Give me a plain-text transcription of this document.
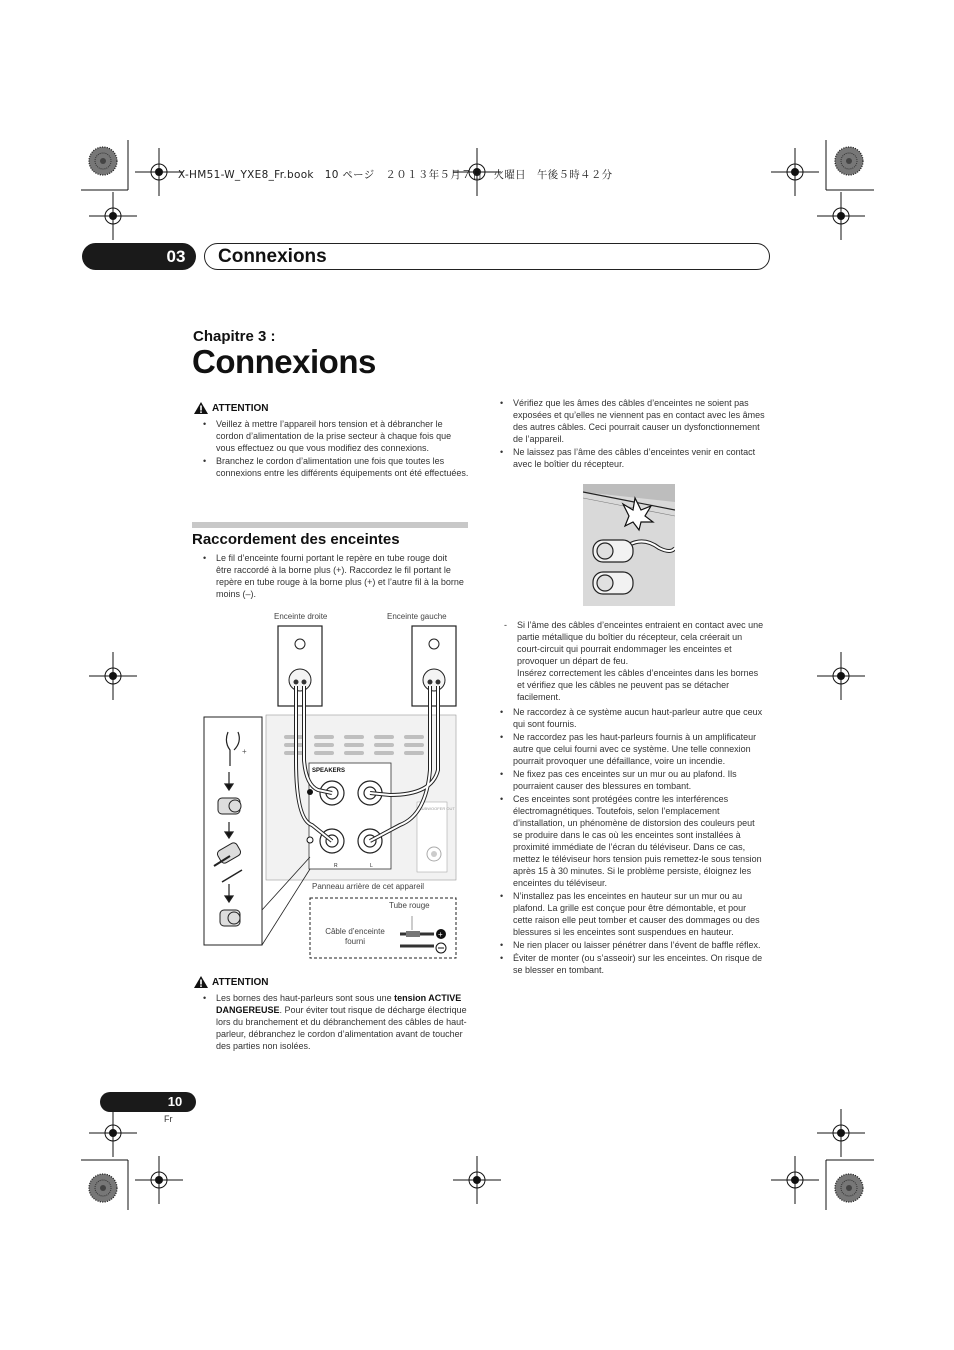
X-HM51-W_YXE8_Fr.book   10 ページ   ２０１３年５月７日   火曜日   午後５時４２分
03	Connexions
Chapitre 3 :
Connexions
ATTENTION
• Veillez à mettre l’appareil hors tension et à débrancher le cordon d’alimentation de la prise secteur à chaque fois que vous effectuez ou que vous modifiez des connexions.
• Branchez le cordon d’alimentation une fois que toutes les connexions entre les différents équipements ont été effectuées.
Raccordement des enceintes
• Le fil d’enceinte fourni portant le repère en tube rouge doit être raccordé à la borne plus (+). Raccordez le fil portant le repère en tube rouge à la borne plus (+) et l’autre fil à la borne moins (–).
SPEAKERS
R	L
SUBWOOFER OUT
+
+
Enceinte droite	Enceinte gauche
Panneau arrière de cet appareil
Tube rouge
Câble d’enceinte
fourni
ATTENTION
• Les bornes des haut-parleurs sont sous une tension ACTIVE DANGEREUSE. Pour éviter tout risque de décharge électrique lors du branchement et du débranchement des câbles de haut-parleur, débranchez le cordon d’alimentation avant de toucher des parties non isolées.
• Vérifiez que les âmes des câbles d’enceintes ne soient pas exposées et qu’elles ne viennent pas en contact avec les âmes des autres câbles. Ceci pourrait causer un dysfonctionnement de l’appareil.
• Ne laissez pas l’âme des câbles d’enceintes venir en contact avec le boîtier du récepteur.
- Si l’âme des câbles d’enceintes entraient en contact avec une partie métallique du boîtier du récepteur, cela créerait un court-circuit qui pourrait endommager les enceintes et provoquer un départ de feu.
Insérez correctement les câbles d’enceintes dans les bornes et vérifiez que les câbles ne peuvent pas se détacher facilement.
• Ne raccordez à ce système aucun haut-parleur autre que ceux qui sont fournis.
• Ne raccordez pas les haut-parleurs fournis à un amplificateur autre que celui fourni avec ce système. Une telle connexion pourrait provoquer une défaillance, voire un incendie.
• Ne fixez pas ces enceintes sur un mur ou au plafond. Ils pourraient causer des blessures en tombant.
• Ces enceintes sont protégées contre les interférences électromagnétiques. Toutefois, selon l’emplacement d’installation, un phénomène de distorsion des couleurs peut se produire dans le cas où les enceintes sont installées à proximité immédiate de l’écran du téléviseur. Dans ce cas, mettez le téléviseur hors tension puis remettez-le sous tension après 15 à 30 minutes. Si le problème persiste, éloignez les enceintes du téléviseur.
• N’installez pas les enceintes en hauteur sur un mur ou au plafond. La grille est conçue pour être démontable, et pour cette raison elle peut tomber et causer des dommages ou des blessures si les enceintes sont suspendues en hauteur.
• Ne rien placer ou laisser pénétrer dans l’évent de baffle réflex.
• Éviter de monter (ou s’asseoir) sur les enceintes. On risque de se blesser en tombant.
10
Fr
